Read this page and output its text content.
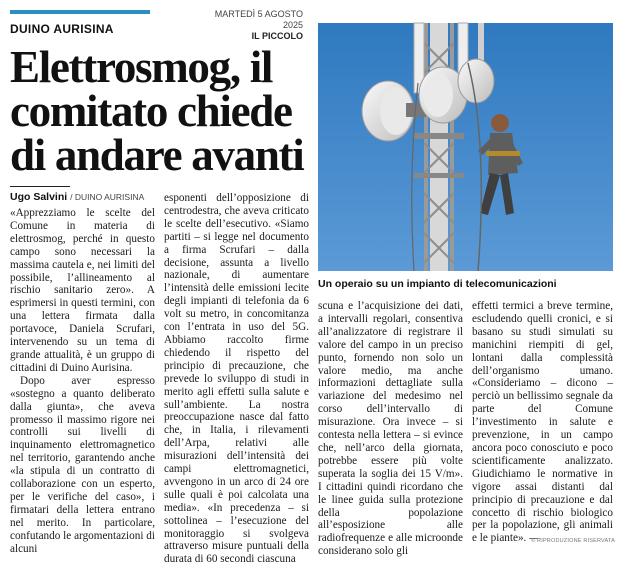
DUINO AURISINA
MARTEDÌ 5 AGOSTO 2025
IL PICCOLO
Elettrosmog, il comitato chiede di andare avanti
Un operaio su un impianto di telecomunicazioni
Ugo Salvini / DUINO AURISINA

«Apprezziamo le scelte del Comune in materia di elettrosmog, perché in questo campo sono necessari la massima cautela e, nei limiti del possibile, l’allineamento al rischio sanitario zero». A esprimersi in questi termini, con una lettera firmata dalla portavoce, Daniela Scrufari, intervenendo su un tema di grande attualità, è un gruppo di cittadini di Duino Aurisina.

Dopo aver espresso «sostegno a quanto deliberato dalla giunta», che aveva promesso il massimo rigore nei controlli sui livelli di inquinamento elettromagnetico nel territorio, garantendo anche «la stipula di un contratto di collaborazione con un esperto, per le verifiche del caso», i firmatari della lettera entrano nel merito. In particolare, confutando le argomentazioni di alcuni

esponenti dell’opposizione di centrodestra, che aveva criticato le scelte dell’esecutivo. «Siamo partiti – si legge nel documento a firma Scrufari – dalla decisione, assunta a livello nazionale, di aumentare l’intensità delle emissioni lecite degli impianti di telefonia da 6 volt su metro, in concomitanza con l’entrata in uso del 5G. Abbiamo raccolto firme chiedendo il rispetto del principio di precauzione, che prevede lo sviluppo di studi in merito agli effetti sulla salute e sull’ambiente. La nostra preoccupazione nasce dal fatto che, in Italia, i rilevamenti dell’Arpa, relativi alle misurazioni dell’intensità dei campi elettromagnetici, avvengono in un arco di 24 ore sulle quali è poi calcolata una media». «In precedenza – si sottolinea – l’esecuzione del monitoraggio si svolgeva attraverso misure puntuali della durata di 60 secondi ciascuna

scuna e l’acquisizione dei dati, a intervalli regolari, consentiva all’analizzatore di registrare il valore del campo in un preciso punto, fornendo non solo un valore medio, ma anche informazioni dettagliate sulla variazione del medesimo nel corso dell’intervallo di misurazione. Ora invece – si contesta nella lettera – si evince che, nell’arco della giornata, potrebbe essere più volte superata la soglia dei 15 V/m». I cittadini quindi ricordano che le linee guida sulla protezione della popolazione all’esposizione alle radiofrequenze e alle microonde considerano solo gli

effetti termici a breve termine, escludendo quelli cronici, e si basano su studi simulati su manichini riempiti di gel, lontani dalla complessità dell’organismo umano. «Consideriamo – dicono – perciò un bellissimo segnale da parte del Comune l’investimento in salute e prevenzione, in un campo ancora poco conosciuto e poco scientificamente analizzato. Giudichiamo le normative in vigore assai distanti dal principio di precauzione e dal concetto di rischio biologico per la popolazione, gli animali e le piante». —

© RIPRODUZIONE RISERVATA
